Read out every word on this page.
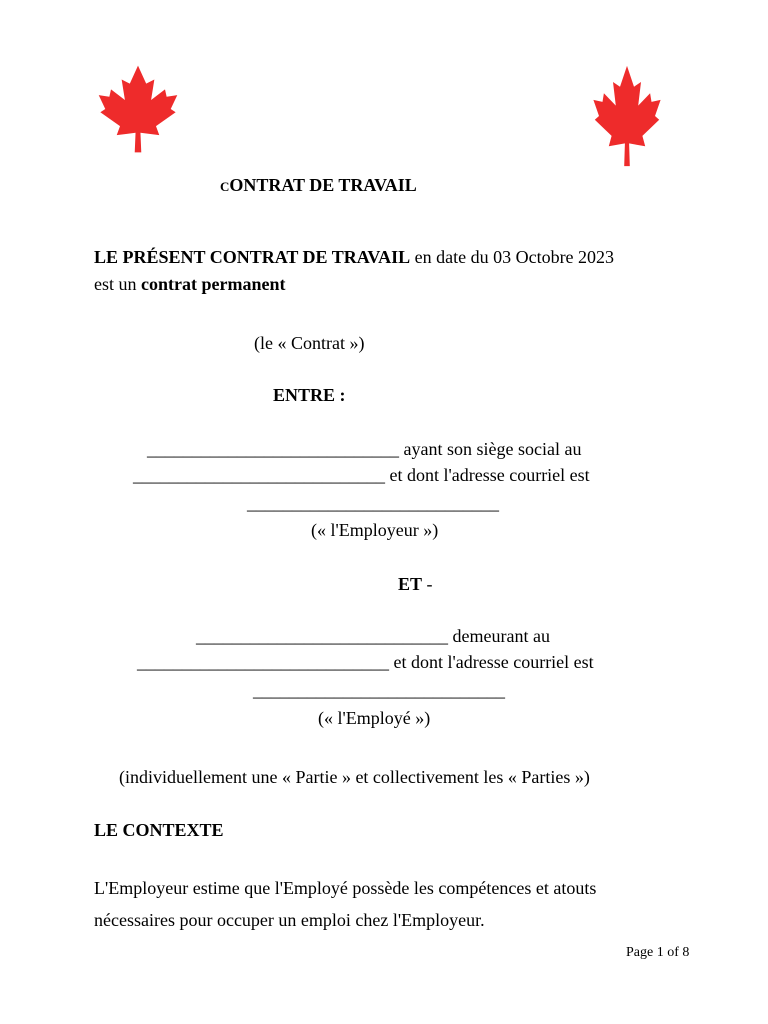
CONTRAT DE TRAVAIL
LE PRÉSENT CONTRAT DE TRAVAIL en date du 03 Octobre 2023
est un contrat permanent
(le « Contrat »)
ENTRE :
____________________________ ayant son siège social au
____________________________ et dont l'adresse courriel est
____________________________
(« l'Employeur »)
ET -
____________________________ demeurant au
____________________________ et dont l'adresse courriel est
____________________________
(« l'Employé »)
(individuellement une « Partie » et collectivement les « Parties »)
LE CONTEXTE
L'Employeur estime que l'Employé possède les compétences et atouts
nécessaires pour occuper un emploi chez l'Employeur.
Page 1 of 8
